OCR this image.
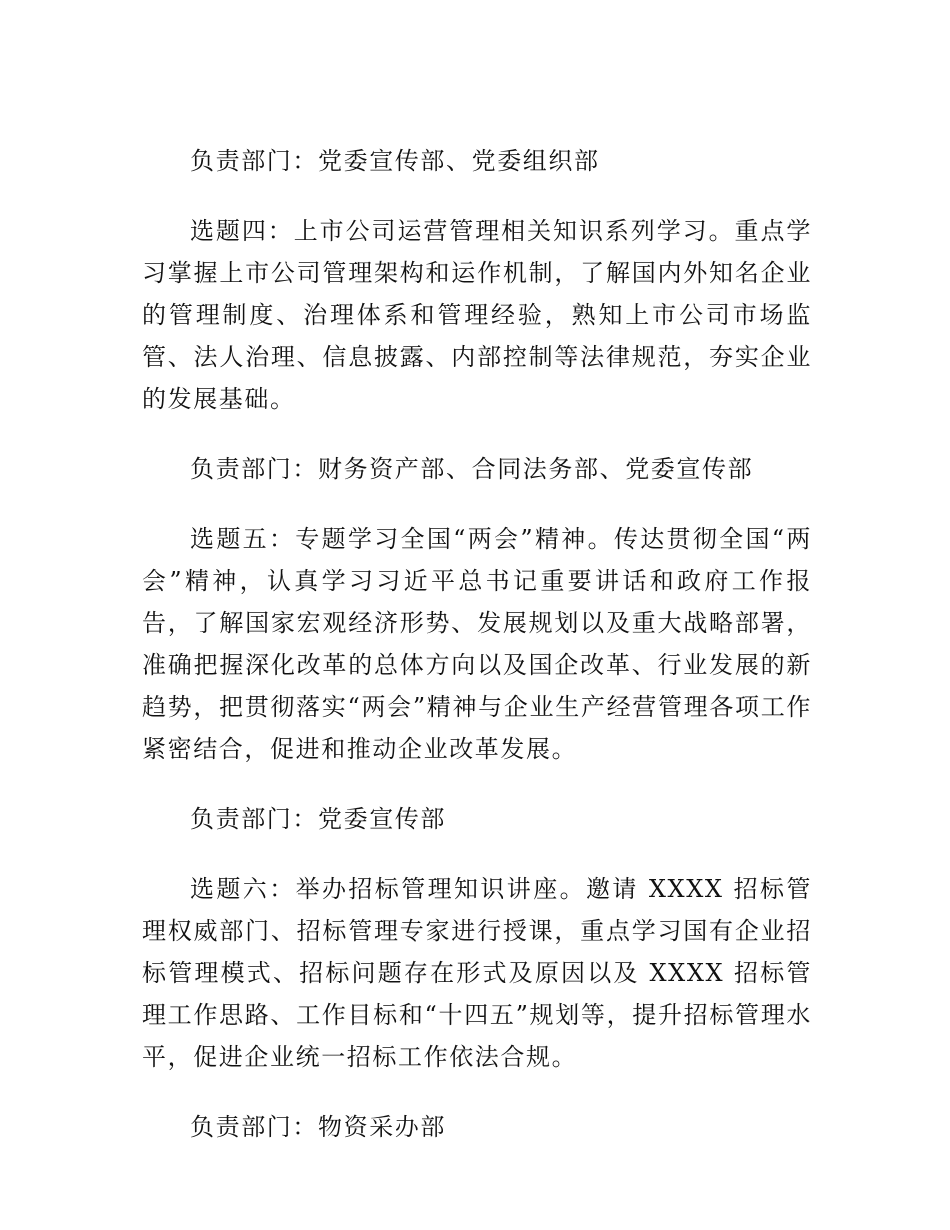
负责部门：党委宣传部、党委组织部

选题四：上市公司运营管理相关知识系列学习。重点学习掌握上市公司管理架构和运作机制，了解国内外知名企业的管理制度、治理体系和管理经验，熟知上市公司市场监管、法人治理、信息披露、内部控制等法律规范，夯实企业的发展基础。

负责部门：财务资产部、合同法务部、党委宣传部

选题五：专题学习全国“两会”精神。传达贯彻全国“两会”精神，认真学习习近平总书记重要讲话和政府工作报告，了解国家宏观经济形势、发展规划以及重大战略部署，准确把握深化改革的总体方向以及国企改革、行业发展的新趋势，把贯彻落实“两会”精神与企业生产经营管理各项工作紧密结合，促进和推动企业改革发展。

负责部门：党委宣传部

选题六：举办招标管理知识讲座。邀请 XXXX 招标管理权威部门、招标管理专家进行授课，重点学习国有企业招标管理模式、招标问题存在形式及原因以及 XXXX 招标管理工作思路、工作目标和“十四五”规划等，提升招标管理水平，促进企业统一招标工作依法合规。

负责部门：物资采办部
